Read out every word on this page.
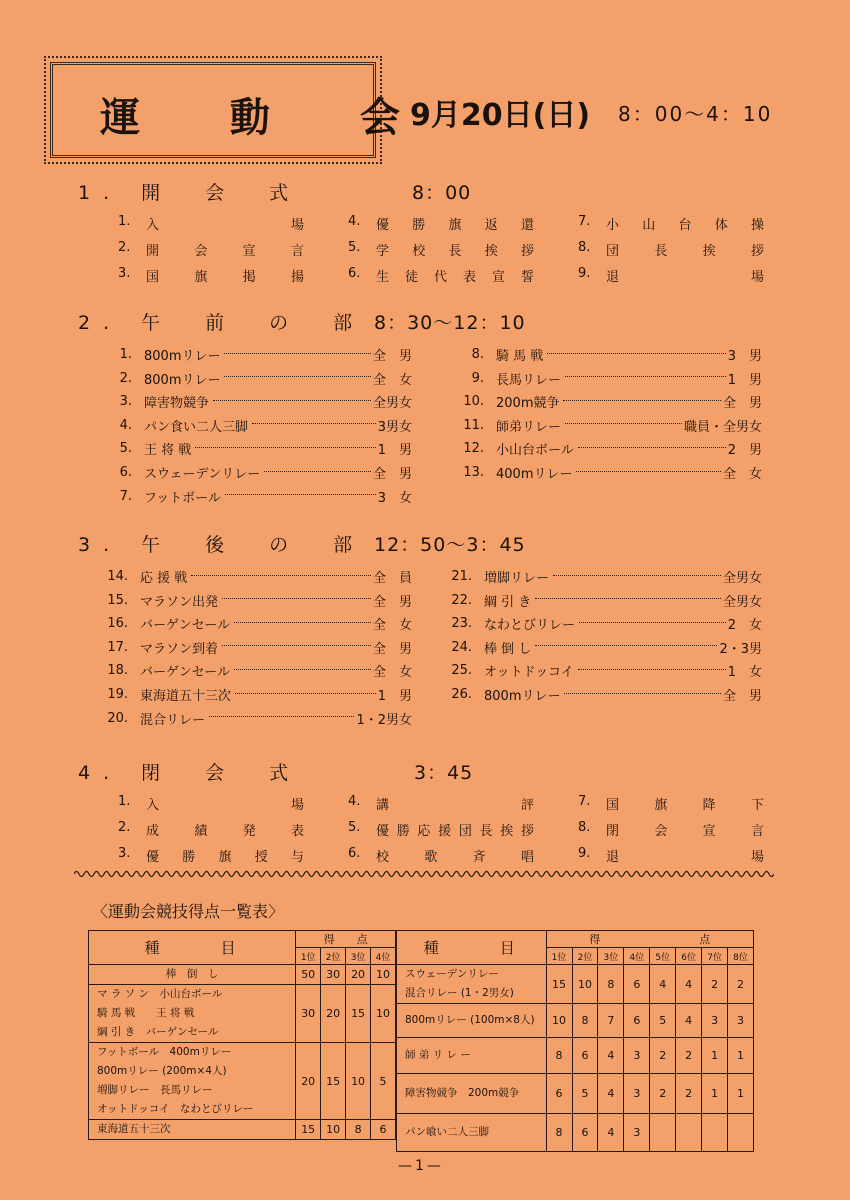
運 動 会
9月20日(日) 8：00〜4：10
1. 開　会　式	8：00
1.	入　　　　　　　場	4.	優 勝 旗 返 還	7.	小 山 台 体 操
2.	開　会　宣　言	5.	学 校 長 挨 拶	8.	団　長　挨　拶
3.	国　旗　掲　揚	6.	生 徒 代 表 宣 誓	9.	退　　　　　　　場
2. 午　前　の　部 8：30〜12：10
1. 800mリレー	全　男
2. 800mリレー	全　女
3. 障害物競争	全男女
4. パン食い二人三脚	3男女
5. 王 将 戦	1　男
6. スウェーデンリレー	全　男
7. フットボール	3　女
8. 騎 馬 戦	3　男
9. 長馬リレー	1　男
10. 200m競争	全　男
11. 師弟リレー	職員・全男女
12. 小山台ボール	2　男
13. 400mリレー	全　女
3. 午　後　の　部 12：50〜3：45
14. 応 援 戦	全　員
15. マラソン出発	全　男
16. バーゲンセール	全　女
17. マラソン到着	全　男
18. バーゲンセール	全　女
19. 東海道五十三次	1　男
20. 混合リレー	1・2男女
21. 増脚リレー	全男女
22. 綱 引 き	全男女
23. なわとびリレー	2　女
24. 棒 倒 し	2・3男
25. オットドッコイ	1　女
26. 800mリレー	全　男
4. 閉　会　式	3：45
1.	入　　　　　　　場	4.	講　　　　　　　評	7.	国　旗　降　下
2.	成　績　発　表	5.	優勝応援団長挨拶	8.	閉　会　宣　言
3.	優　勝　旗　授　与	6.	校　歌　斉　唱	9.	退　　　　　　　場
〈運動会競技得点一覧表〉
種　　　目	得　　点			
	1位	2位	3位	4位

棒　倒　し	50	30	20	10

マ ラ ソ ン　小山台ボール
騎 馬 戦　　王 将 戦
綱 引 き　バーゲンセール	30	20	15	10

フットボール　400mリレー
800mリレー (200m×4人)
増脚リレー　長馬リレー
オットドッコイ　なわとびリレー	20	15	10	5

東海道五十三次	15	10	8	6
種　　　目	得　　　　　　　　　点							
	1位	2位	3位	4位	5位	6位	7位	8位

スウェーデンリレー
混合リレー (1・2男女)	15	10	8	6	4	4	2	2

800mリレー (100m×8人)	10	8	7	6	5	4	3	3

師 弟 リ レ ー	8	6	4	3	2	2	1	1

障害物競争　200m競争	6	5	4	3	2	2	1	1

パン喰い二人三脚	8	6	4	3				
—1—
